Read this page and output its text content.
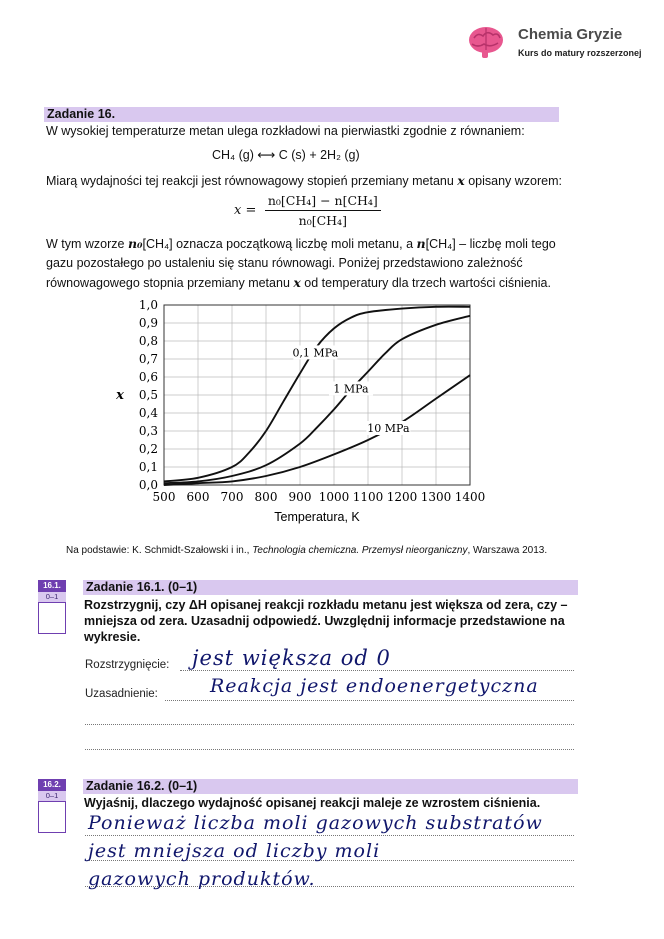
Chemia Gryzie
Kurs do matury rozszerzonej
Zadanie 16.
W wysokiej temperaturze metan ulega rozkładowi na pierwiastki zgodnie z równaniem:
CH₄ (g) ⟷ C (s) + 2H₂ (g)
Miarą wydajności tej reakcji jest równowagowy stopień przemiany metanu x opisany wzorem:
$x = \frac{\text{n₀[CH₄] − n[CH₄]}}{\text{n₀[CH₄]}}$
W tym wzorze n₀[CH₄] oznacza początkową liczbę moli metanu, a n[CH₄] – liczbę moli tego gazu pozostałego po ustaleniu się stanu równowagi. Poniżej przedstawiono zależność równowagowego stopnia przemiany metanu x od temperatury dla trzech wartości ciśnienia.
500 600 700 800 900 1000 1100 1200 1300 1400
0,0
0,1
0,2
0,3
0,4
0,5
0,6
0,7
0,8
0,9
1,0
Temperatura, K
x
0,1 MPa
1 MPa
10 MPa
Na podstawie: K. Schmidt-Szałowski i in., Technologia chemiczna. Przemysł nieorganiczny, Warszawa 2013.
16.1.
0–1
Zadanie 16.1. (0–1)
Rozstrzygnij, czy ΔH opisanej reakcji rozkładu metanu jest większa od zera, czy – mniejsza od zera. Uzasadnij odpowiedź. Uwzględnij informacje przedstawione na wykresie.
Rozstrzygnięcie: jest większa od 0
Uzasadnienie:	Reakcja jest endoenergetyczna
16.2.
0–1
Zadanie 16.2. (0–1)
Wyjaśnij, dlaczego wydajność opisanej reakcji maleje ze wzrostem ciśnienia.
Ponieważ liczba moli gazowych substratów
jest mniejsza od liczby moli
gazowych produktów.
